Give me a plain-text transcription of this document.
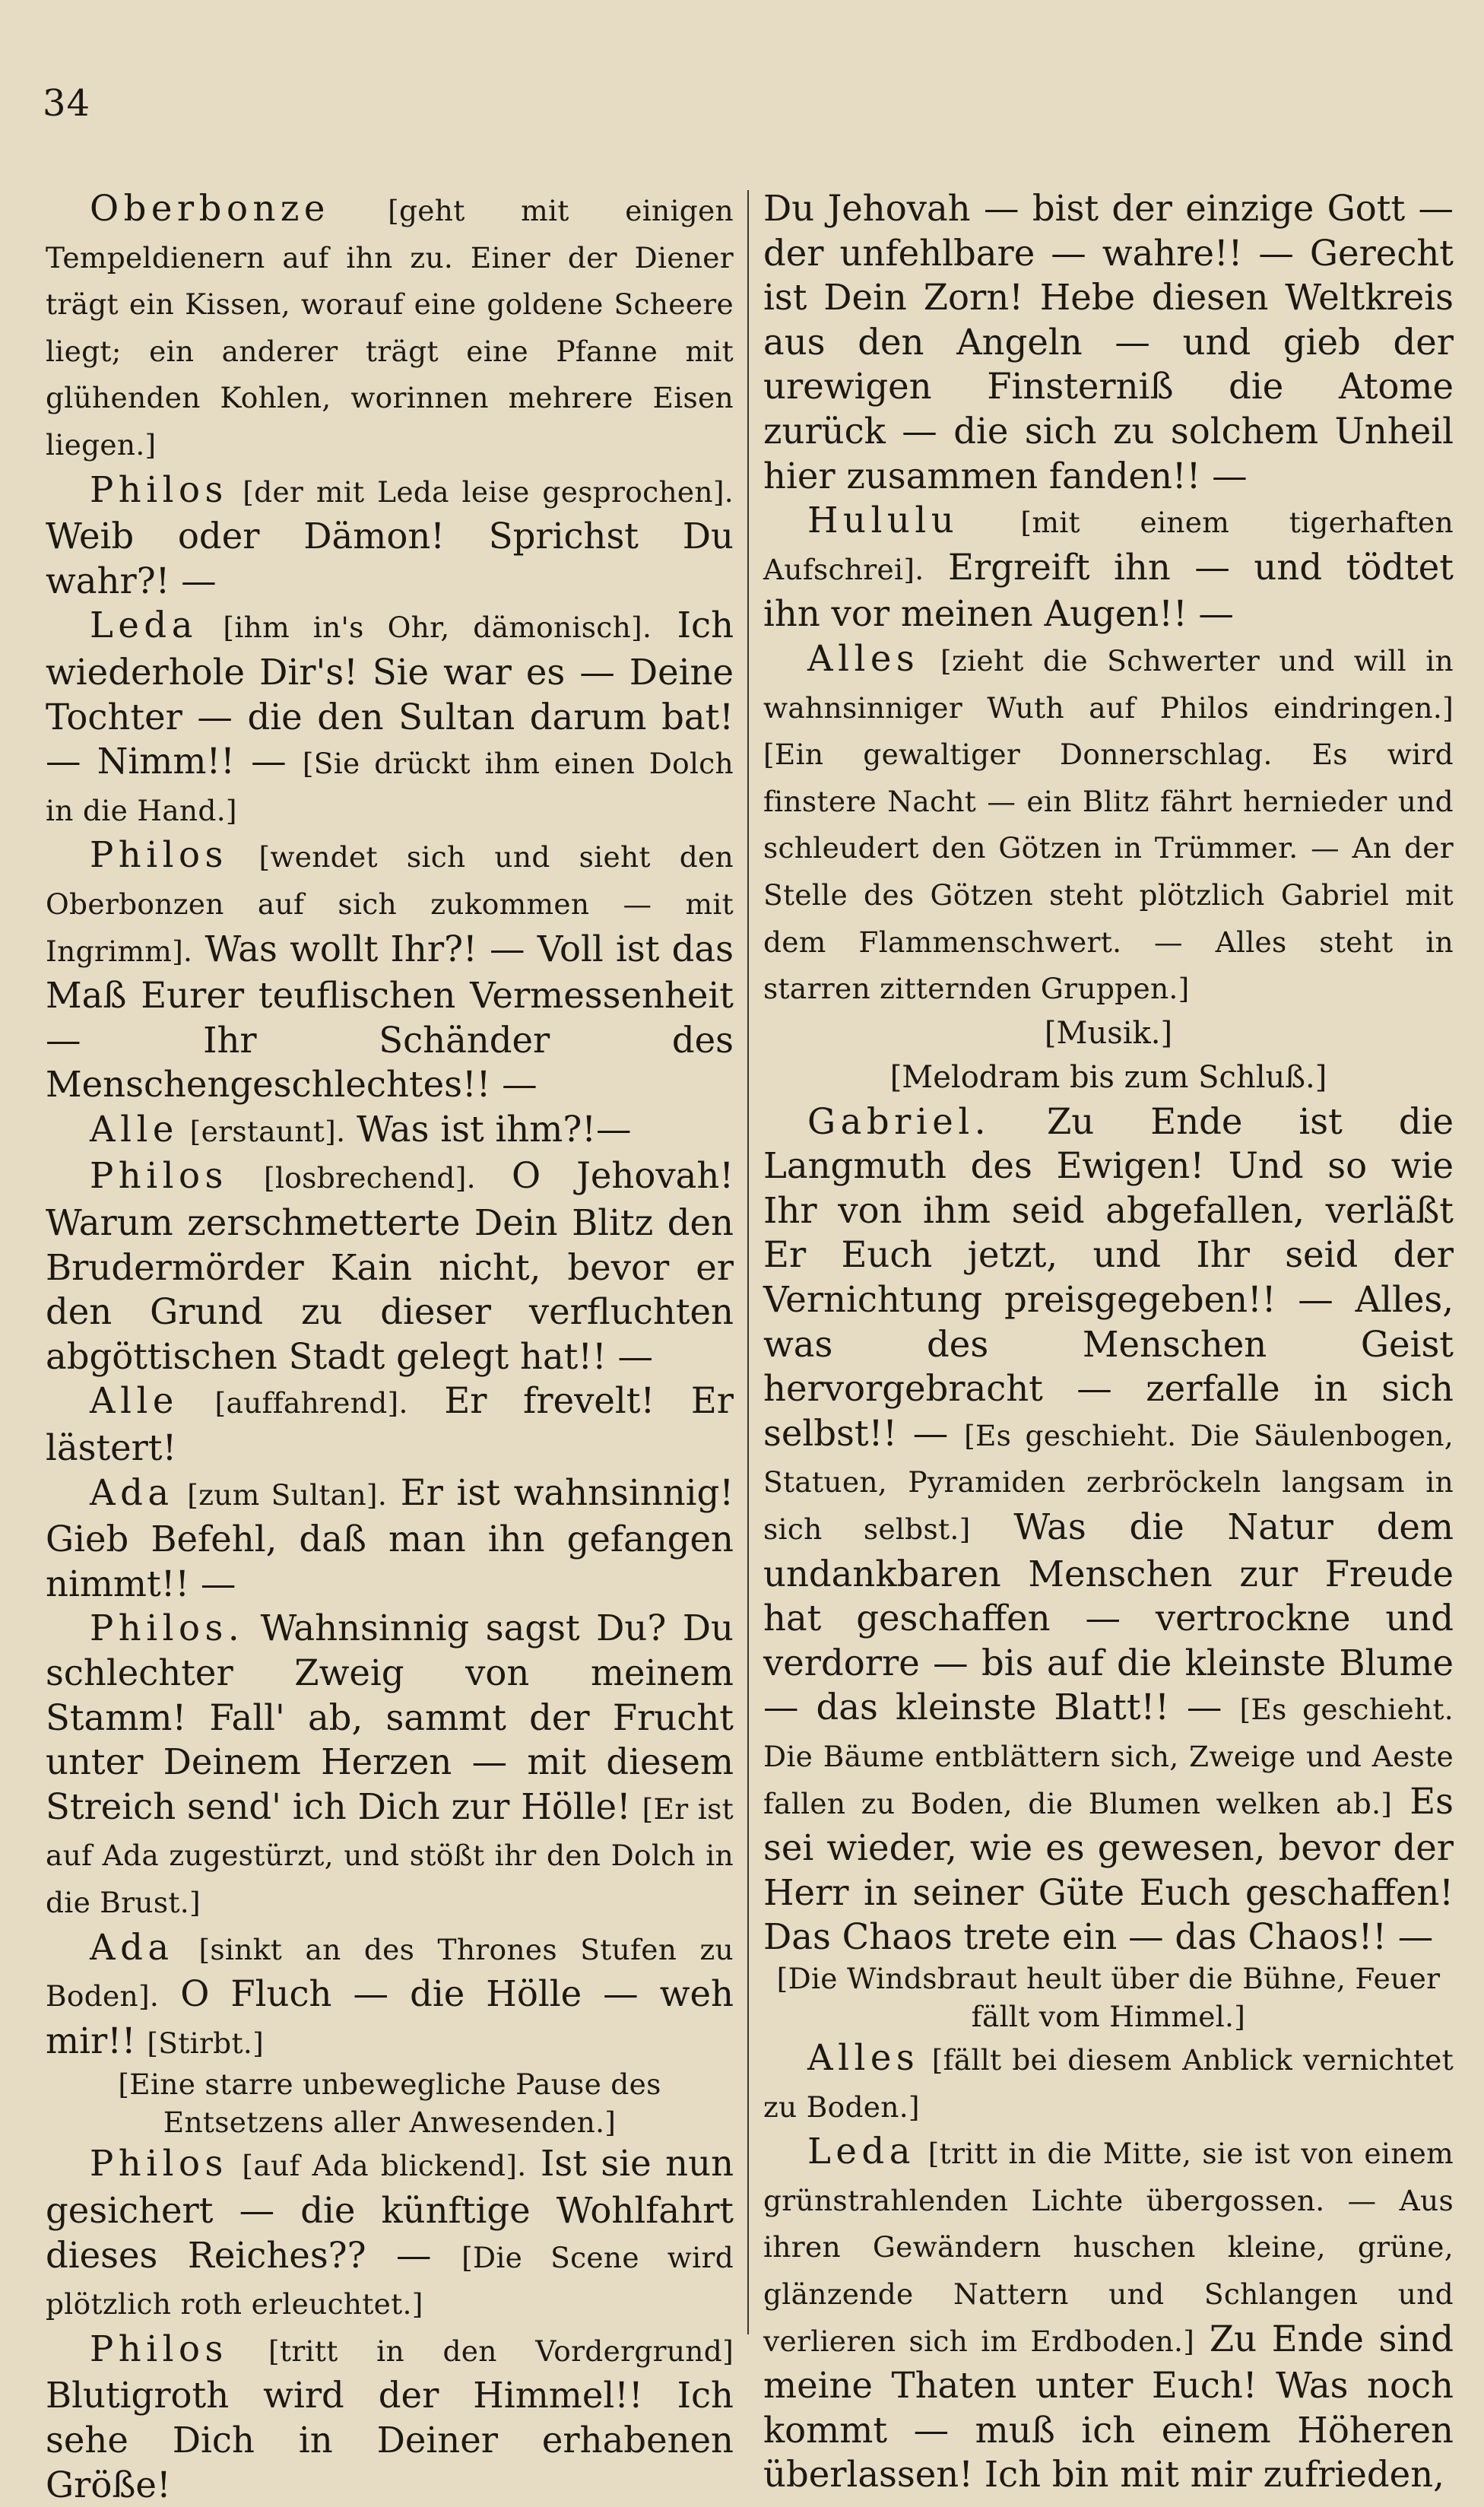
34

Oberbonze [geht mit einigen Tempeldienern auf ihn zu. Einer der Diener trägt ein Kissen, worauf eine goldene Scheere liegt; ein anderer trägt eine Pfanne mit glühenden Kohlen, worinnen mehrere Eisen liegen.]

Philos [der mit Leda leise gesprochen]. Weib oder Dämon! Sprichst Du wahr?! —

Leda [ihm in's Ohr, dämonisch]. Ich wiederhole Dir's! Sie war es — Deine Tochter — die den Sultan darum bat! — Nimm!! — [Sie drückt ihm einen Dolch in die Hand.]

Philos [wendet sich und sieht den Oberbonzen auf sich zukommen — mit Ingrimm]. Was wollt Ihr?! — Voll ist das Maß Eurer teuflischen Vermessenheit — Ihr Schänder des Menschengeschlechtes!! —

Alle [erstaunt]. Was ist ihm?!—

Philos [losbrechend]. O Jehovah! Warum zerschmetterte Dein Blitz den Brudermörder Kain nicht, bevor er den Grund zu dieser verfluchten abgöttischen Stadt gelegt hat!! —

Alle [auffahrend]. Er frevelt! Er lästert!

Ada [zum Sultan]. Er ist wahnsinnig! Gieb Befehl, daß man ihn gefangen nimmt!! —

Philos. Wahnsinnig sagst Du? Du schlechter Zweig von meinem Stamm! Fall' ab, sammt der Frucht unter Deinem Herzen — mit diesem Streich send' ich Dich zur Hölle! [Er ist auf Ada zugestürzt, und stößt ihr den Dolch in die Brust.]

Ada [sinkt an des Thrones Stufen zu Boden]. O Fluch — die Hölle — weh mir!! [Stirbt.]

[Eine starre unbewegliche Pause des Entsetzens aller Anwesenden.]

Philos [auf Ada blickend]. Ist sie nun gesichert — die künftige Wohlfahrt dieses Reiches?? — [Die Scene wird plötzlich roth erleuchtet.]

Philos [tritt in den Vordergrund] Blutigroth wird der Himmel!! Ich sehe Dich in Deiner erhabenen Größe!

Du Jehovah — bist der einzige Gott — der unfehlbare — wahre!! — Gerecht ist Dein Zorn! Hebe diesen Weltkreis aus den Angeln — und gieb der urewigen Finsterniß die Atome zurück — die sich zu solchem Unheil hier zusammen fanden!! —

Hululu [mit einem tigerhaften Aufschrei]. Ergreift ihn — und tödtet ihn vor meinen Augen!! —

Alles [zieht die Schwerter und will in wahnsinniger Wuth auf Philos eindringen.] [Ein gewaltiger Donnerschlag. Es wird finstere Nacht — ein Blitz fährt hernieder und schleudert den Götzen in Trümmer. — An der Stelle des Götzen steht plötzlich Gabriel mit dem Flammenschwert. — Alles steht in starren zitternden Gruppen.]

[Musik.]

[Melodram bis zum Schluß.]

Gabriel. Zu Ende ist die Langmuth des Ewigen! Und so wie Ihr von ihm seid abgefallen, verläßt Er Euch jetzt, und Ihr seid der Vernichtung preisgegeben!! — Alles, was des Menschen Geist hervorgebracht — zerfalle in sich selbst!! — [Es geschieht. Die Säulenbogen, Statuen, Pyramiden zerbröckeln langsam in sich selbst.] Was die Natur dem undankbaren Menschen zur Freude hat geschaffen — vertrockne und verdorre — bis auf die kleinste Blume — das kleinste Blatt!! — [Es geschieht. Die Bäume entblättern sich, Zweige und Aeste fallen zu Boden, die Blumen welken ab.] Es sei wieder, wie es gewesen, bevor der Herr in seiner Güte Euch geschaffen! Das Chaos trete ein — das Chaos!! —

[Die Windsbraut heult über die Bühne, Feuer fällt vom Himmel.]

Alles [fällt bei diesem Anblick vernichtet zu Boden.]

Leda [tritt in die Mitte, sie ist von einem grünstrahlenden Lichte übergossen. — Aus ihren Gewändern huschen kleine, grüne, glänzende Nattern und Schlangen und verlieren sich im Erdboden.] Zu Ende sind meine Thaten unter Euch! Was noch kommt — muß ich einem Höheren überlassen! Ich bin mit mir zufrieden,
